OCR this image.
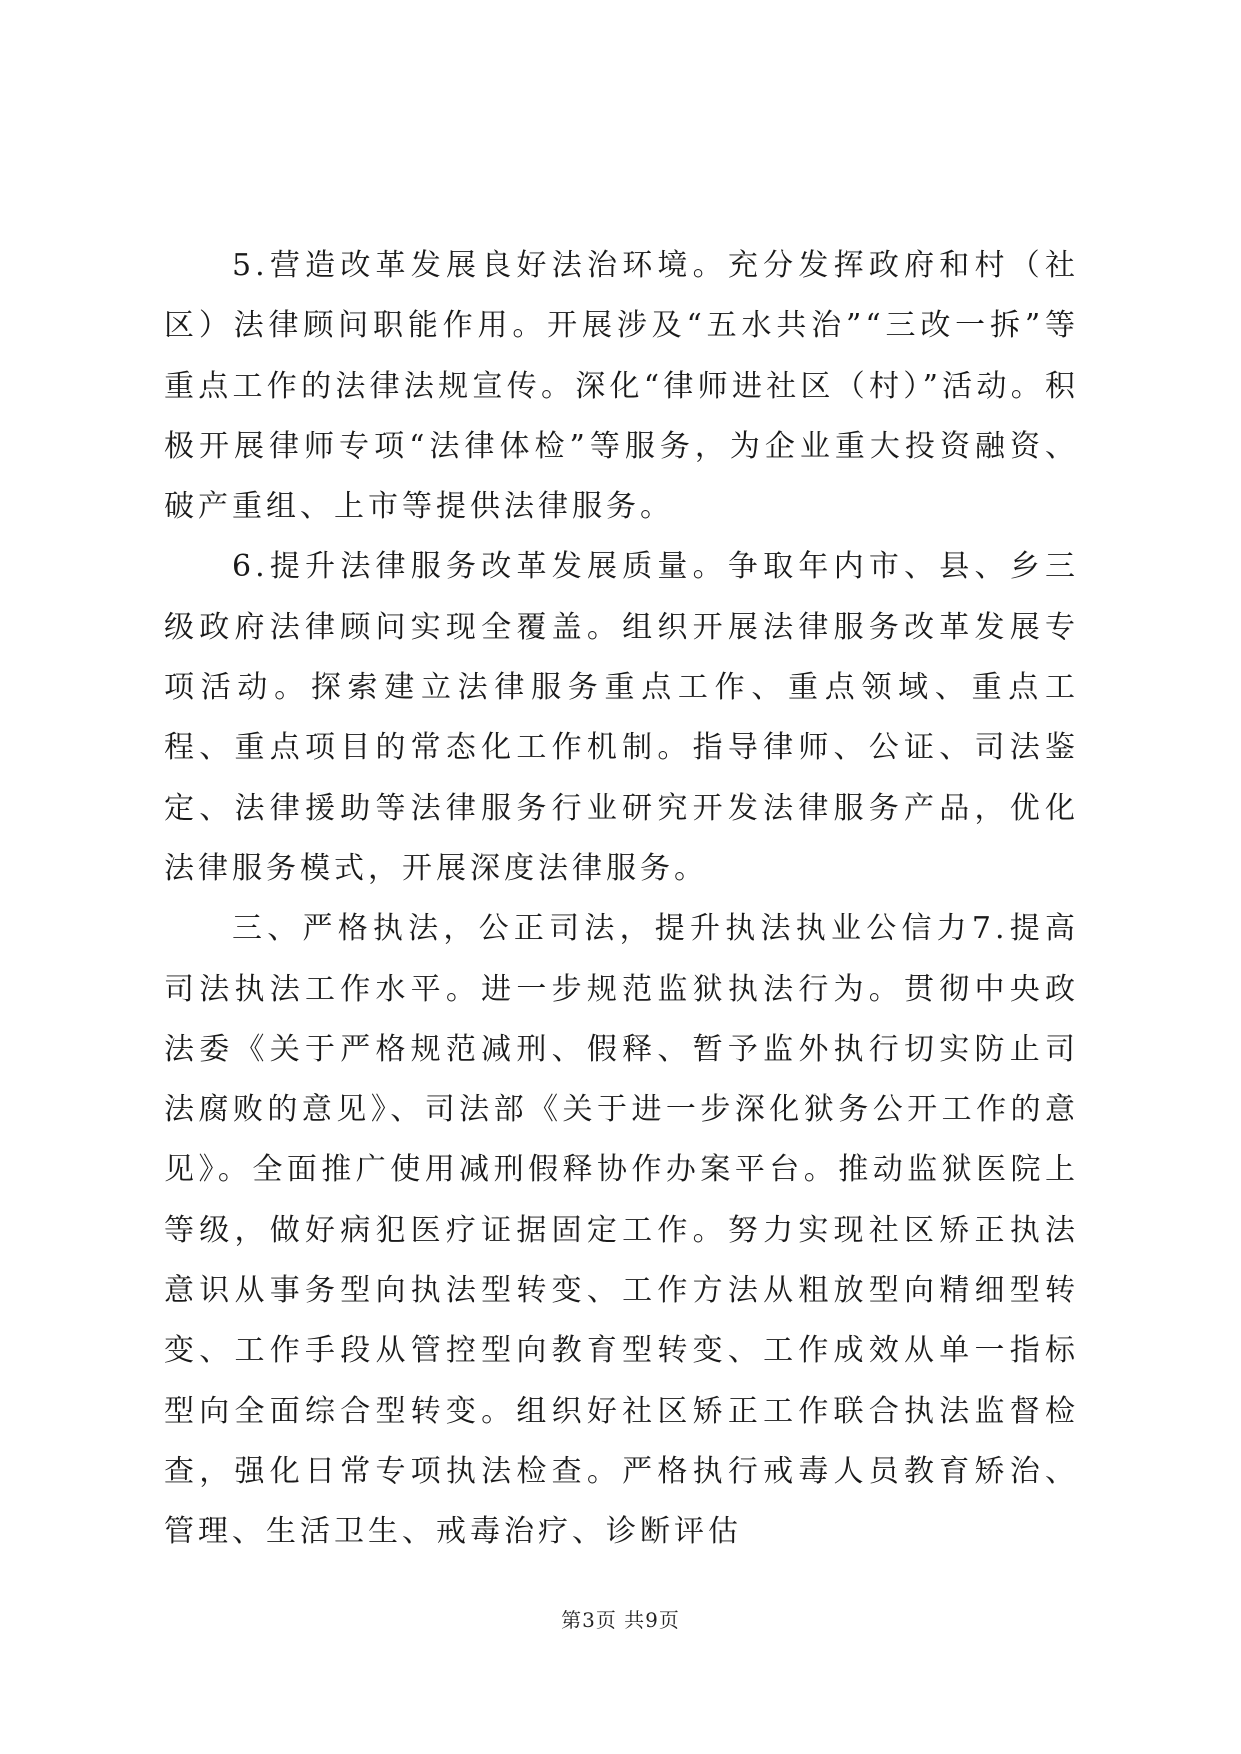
5.营造改革发展良好法治环境。充分发挥政府和村（社区）法律顾问职能作用。开展涉及“五水共治”“三改一拆”等重点工作的法律法规宣传。深化“律师进社区（村）”活动。积极开展律师专项“法律体检”等服务，为企业重大投资融资、破产重组、上市等提供法律服务。

6.提升法律服务改革发展质量。争取年内市、县、乡三级政府法律顾问实现全覆盖。组织开展法律服务改革发展专项活动。探索建立法律服务重点工作、重点领域、重点工程、重点项目的常态化工作机制。指导律师、公证、司法鉴定、法律援助等法律服务行业研究开发法律服务产品，优化法律服务模式，开展深度法律服务。

三、严格执法，公正司法，提升执法执业公信力7.提高司法执法工作水平。进一步规范监狱执法行为。贯彻中央政法委《关于严格规范减刑、假释、暂予监外执行切实防止司法腐败的意见》、司法部《关于进一步深化狱务公开工作的意见》。全面推广使用减刑假释协作办案平台。推动监狱医院上等级，做好病犯医疗证据固定工作。努力实现社区矫正执法意识从事务型向执法型转变、工作方法从粗放型向精细型转变、工作手段从管控型向教育型转变、工作成效从单一指标型向全面综合型转变。组织好社区矫正工作联合执法监督检查，强化日常专项执法检查。严格执行戒毒人员教育矫治、管理、生活卫生、戒毒治疗、诊断评估

第3页 共9页
